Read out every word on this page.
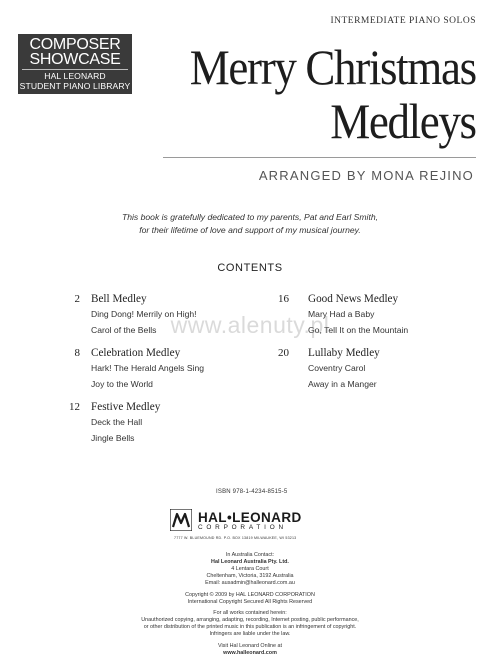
COMPOSER
SHOWCASE
HAL LEONARD
STUDENT PIANO LIBRARY
INTERMEDIATE PIANO SOLOS
Merry Christmas
Medleys
ARRANGED BY MONA REJINO
This book is gratefully dedicated to my parents, Pat and Earl Smith,
for their lifetime of love and support of my musical journey.
CONTENTS
2 Bell Medley
Ding Dong! Merrily on High!
Carol of the Bells
8 Celebration Medley
Hark! The Herald Angels Sing
Joy to the World
12 Festive Medley
Deck the Hall
Jingle Bells
16 Good News Medley
Mary Had a Baby
Go, Tell It on the Mountain
20 Lullaby Medley
Coventry Carol
Away in a Manger
www.alenuty.pl
ISBN 978-1-4234-8515-5
HAL•LEONARD
CORPORATION
7777 W. BLUEMOUND RD. P.O. BOX 13819 MILWAUKEE, WI 53213
In Australia Contact:
Hal Leonard Australia Pty. Ltd.
4 Lentara Court
Cheltenham, Victoria, 3192 Australia
Email: ausadmin@halleonard.com.au
Copyright © 2009 by HAL LEONARD CORPORATION
International Copyright Secured All Rights Reserved
For all works contained herein:
Unauthorized copying, arranging, adapting, recording, Internet posting, public performance,
or other distribution of the printed music in this publication is an infringement of copyright.
Infringers are liable under the law.
Visit Hal Leonard Online at
www.halleonard.com
